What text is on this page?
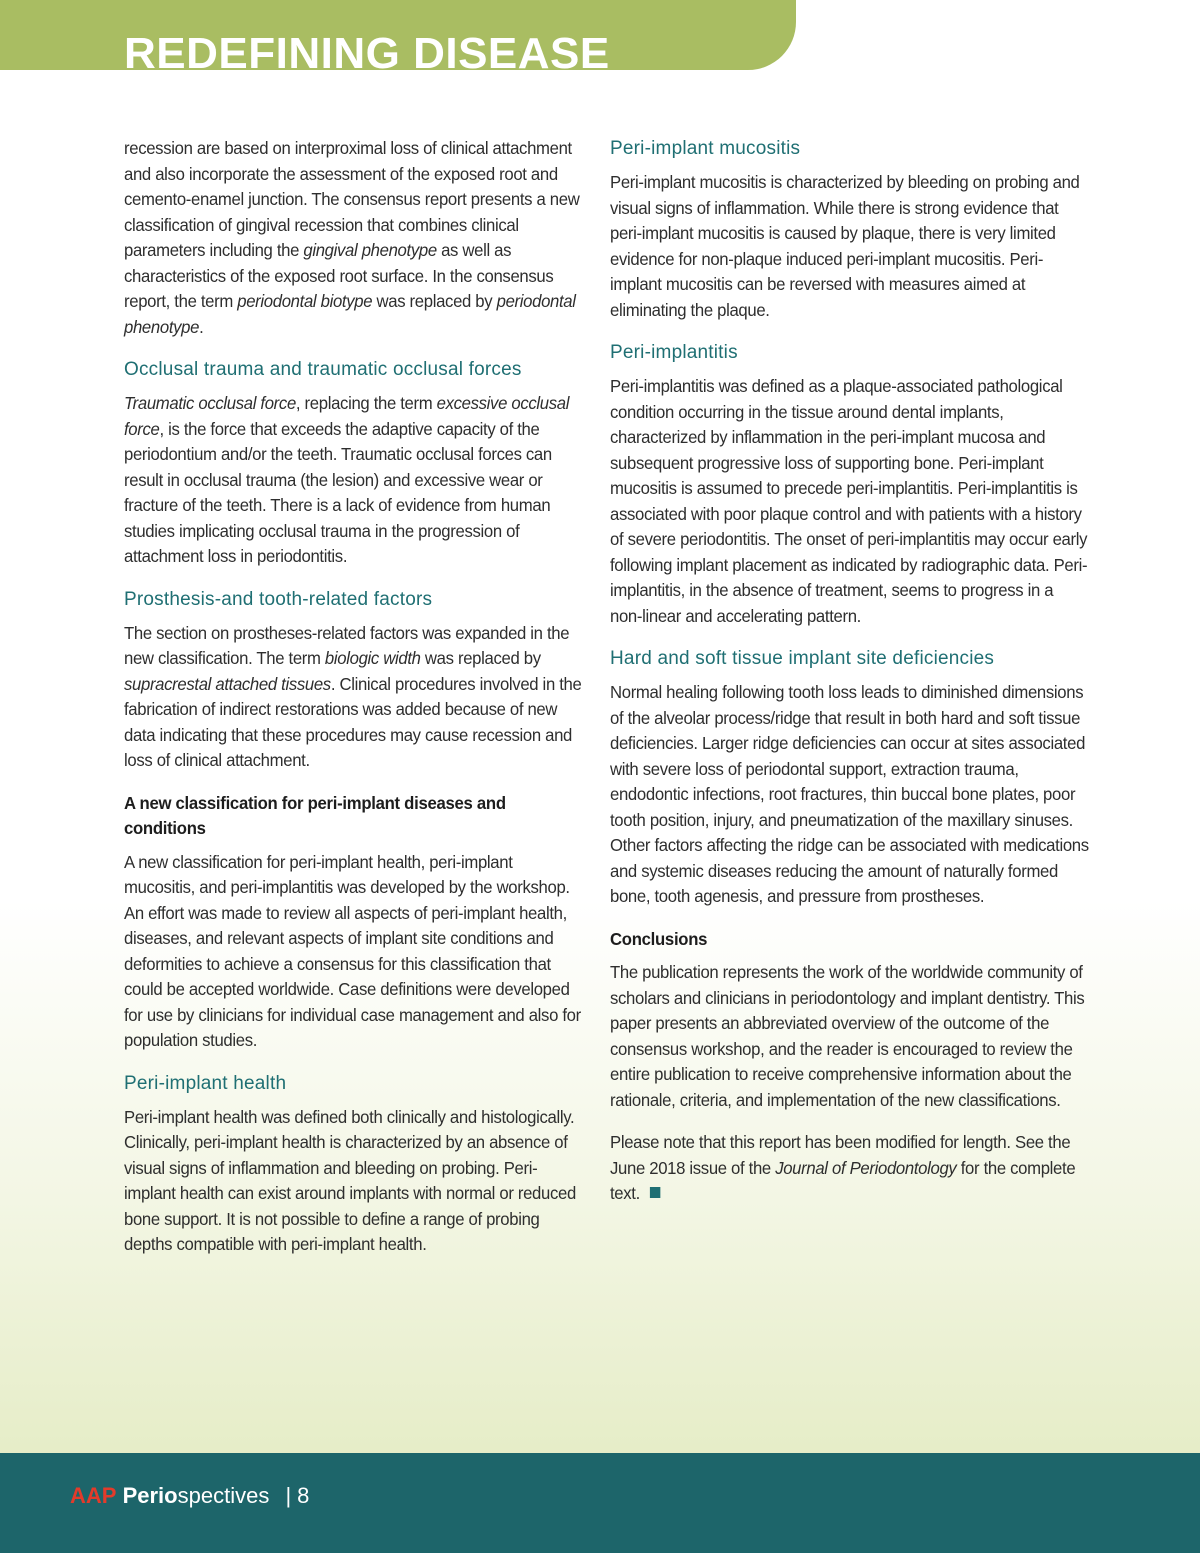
REDEFINING DISEASE

recession are based on interproximal loss of clinical attachment and also incorporate the assessment of the exposed root and cemento-enamel junction. The consensus report presents a new classification of gingival recession that combines clinical parameters including the gingival phenotype as well as characteristics of the exposed root surface. In the consensus report, the term periodontal biotype was replaced by periodontal phenotype.

Occlusal trauma and traumatic occlusal forces

Traumatic occlusal force, replacing the term excessive occlusal force, is the force that exceeds the adaptive capacity of the periodontium and/or the teeth. Traumatic occlusal forces can result in occlusal trauma (the lesion) and excessive wear or fracture of the teeth. There is a lack of evidence from human studies implicating occlusal trauma in the progression of attachment loss in periodontitis.

Prosthesis-and tooth-related factors

The section on prostheses-related factors was expanded in the new classification. The term biologic width was replaced by supracrestal attached tissues. Clinical procedures involved in the fabrication of indirect restorations was added because of new data indicating that these procedures may cause recession and loss of clinical attachment.

A new classification for peri-implant diseases and conditions

A new classification for peri-implant health, peri-implant mucositis, and peri-implantitis was developed by the workshop. An effort was made to review all aspects of peri-implant health, diseases, and relevant aspects of implant site conditions and deformities to achieve a consensus for this classification that could be accepted worldwide. Case definitions were developed for use by clinicians for individual case management and also for population studies.

Peri-implant health

Peri-implant health was defined both clinically and histologically. Clinically, peri-implant health is characterized by an absence of visual signs of inflammation and bleeding on probing. Peri-implant health can exist around implants with normal or reduced bone support. It is not possible to define a range of probing depths compatible with peri-implant health.

Peri-implant mucositis

Peri-implant mucositis is characterized by bleeding on probing and visual signs of inflammation. While there is strong evidence that peri-implant mucositis is caused by plaque, there is very limited evidence for non-plaque induced peri-implant mucositis. Peri-implant mucositis can be reversed with measures aimed at eliminating the plaque.

Peri-implantitis

Peri-implantitis was defined as a plaque-associated pathological condition occurring in the tissue around dental implants, characterized by inflammation in the peri-implant mucosa and subsequent progressive loss of supporting bone. Peri-implant mucositis is assumed to precede peri-implantitis. Peri-implantitis is associated with poor plaque control and with patients with a history of severe periodontitis. The onset of peri-implantitis may occur early following implant placement as indicated by radiographic data. Peri-implantitis, in the absence of treatment, seems to progress in a non-linear and accelerating pattern.

Hard and soft tissue implant site deficiencies

Normal healing following tooth loss leads to diminished dimensions of the alveolar process/ridge that result in both hard and soft tissue deficiencies. Larger ridge deficiencies can occur at sites associated with severe loss of periodontal support, extraction trauma, endodontic infections, root fractures, thin buccal bone plates, poor tooth position, injury, and pneumatization of the maxillary sinuses. Other factors affecting the ridge can be associated with medications and systemic diseases reducing the amount of naturally formed bone, tooth agenesis, and pressure from prostheses.

Conclusions

The publication represents the work of the worldwide community of scholars and clinicians in periodontology and implant dentistry. This paper presents an abbreviated overview of the outcome of the consensus workshop, and the reader is encouraged to review the entire publication to receive comprehensive information about the rationale, criteria, and implementation of the new classifications.

Please note that this report has been modified for length. See the June 2018 issue of the Journal of Periodontology for the complete text.

AAP Periospectives | 8
